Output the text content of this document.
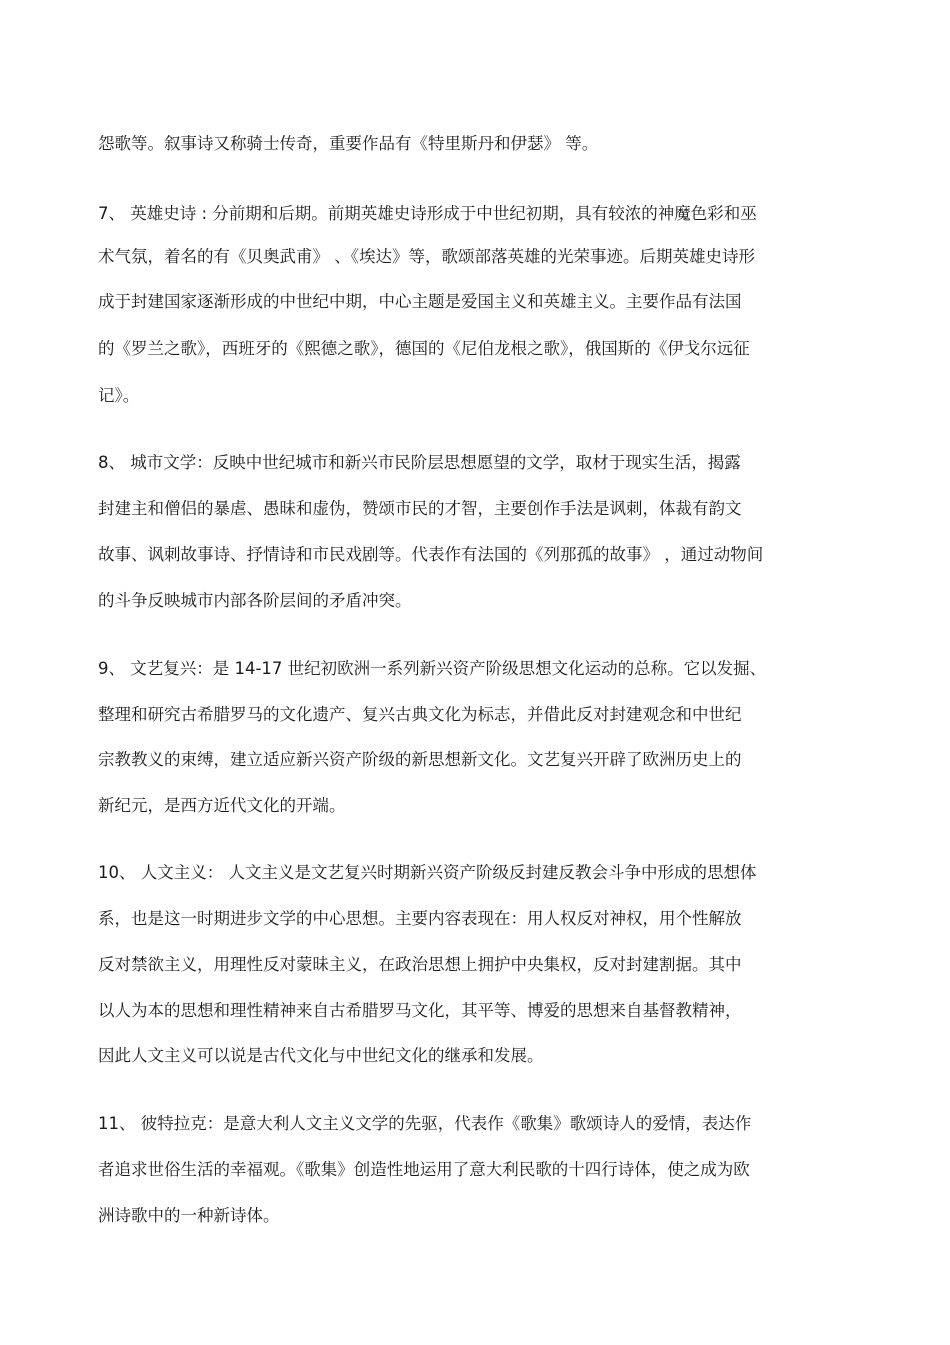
怨歌等。叙事诗又称骑士传奇，重要作品有《特里斯丹和伊瑟》 等。
7、 英雄史诗 : 分前期和后期。前期英雄史诗形成于中世纪初期，具有较浓的神魔色彩和巫
术气氛，着名的有《贝奥武甫》 、《埃达》等，歌颂部落英雄的光荣事迹。后期英雄史诗形
成于封建国家逐渐形成的中世纪中期，中心主题是爱国主义和英雄主义。主要作品有法国
的《罗兰之歌》，西班牙的《熙德之歌》，德国的《尼伯龙根之歌》，俄国斯的《伊戈尔远征
记》。
8、 城市文学：反映中世纪城市和新兴市民阶层思想愿望的文学，取材于现实生活，揭露
封建主和僧侣的暴虐、愚昧和虚伪，赞颂市民的才智，主要创作手法是讽刺，体裁有韵文
故事、讽刺故事诗、抒情诗和市民戏剧等。代表作有法国的《列那孤的故事》 ，通过动物间
的斗争反映城市内部各阶层间的矛盾冲突。
9、 文艺复兴：是 14-17 世纪初欧洲一系列新兴资产阶级思想文化运动的总称。它以发掘、
整理和研究古希腊罗马的文化遗产、复兴古典文化为标志，并借此反对封建观念和中世纪
宗教教义的束缚，建立适应新兴资产阶级的新思想新文化。文艺复兴开辟了欧洲历史上的
新纪元，是西方近代文化的开端。
10、 人文主义： 人文主义是文艺复兴时期新兴资产阶级反封建反教会斗争中形成的思想体
系，也是这一时期进步文学的中心思想。主要内容表现在：用人权反对神权，用个性解放
反对禁欲主义，用理性反对蒙昧主义，在政治思想上拥护中央集权，反对封建割据。其中
以人为本的思想和理性精神来自古希腊罗马文化，其平等、博爱的思想来自基督教精神，
因此人文主义可以说是古代文化与中世纪文化的继承和发展。
11、 彼特拉克：是意大利人文主义文学的先驱，代表作《歌集》歌颂诗人的爱情，表达作
者追求世俗生活的幸福观。《歌集》创造性地运用了意大利民歌的十四行诗体，使之成为欧
洲诗歌中的一种新诗体。
